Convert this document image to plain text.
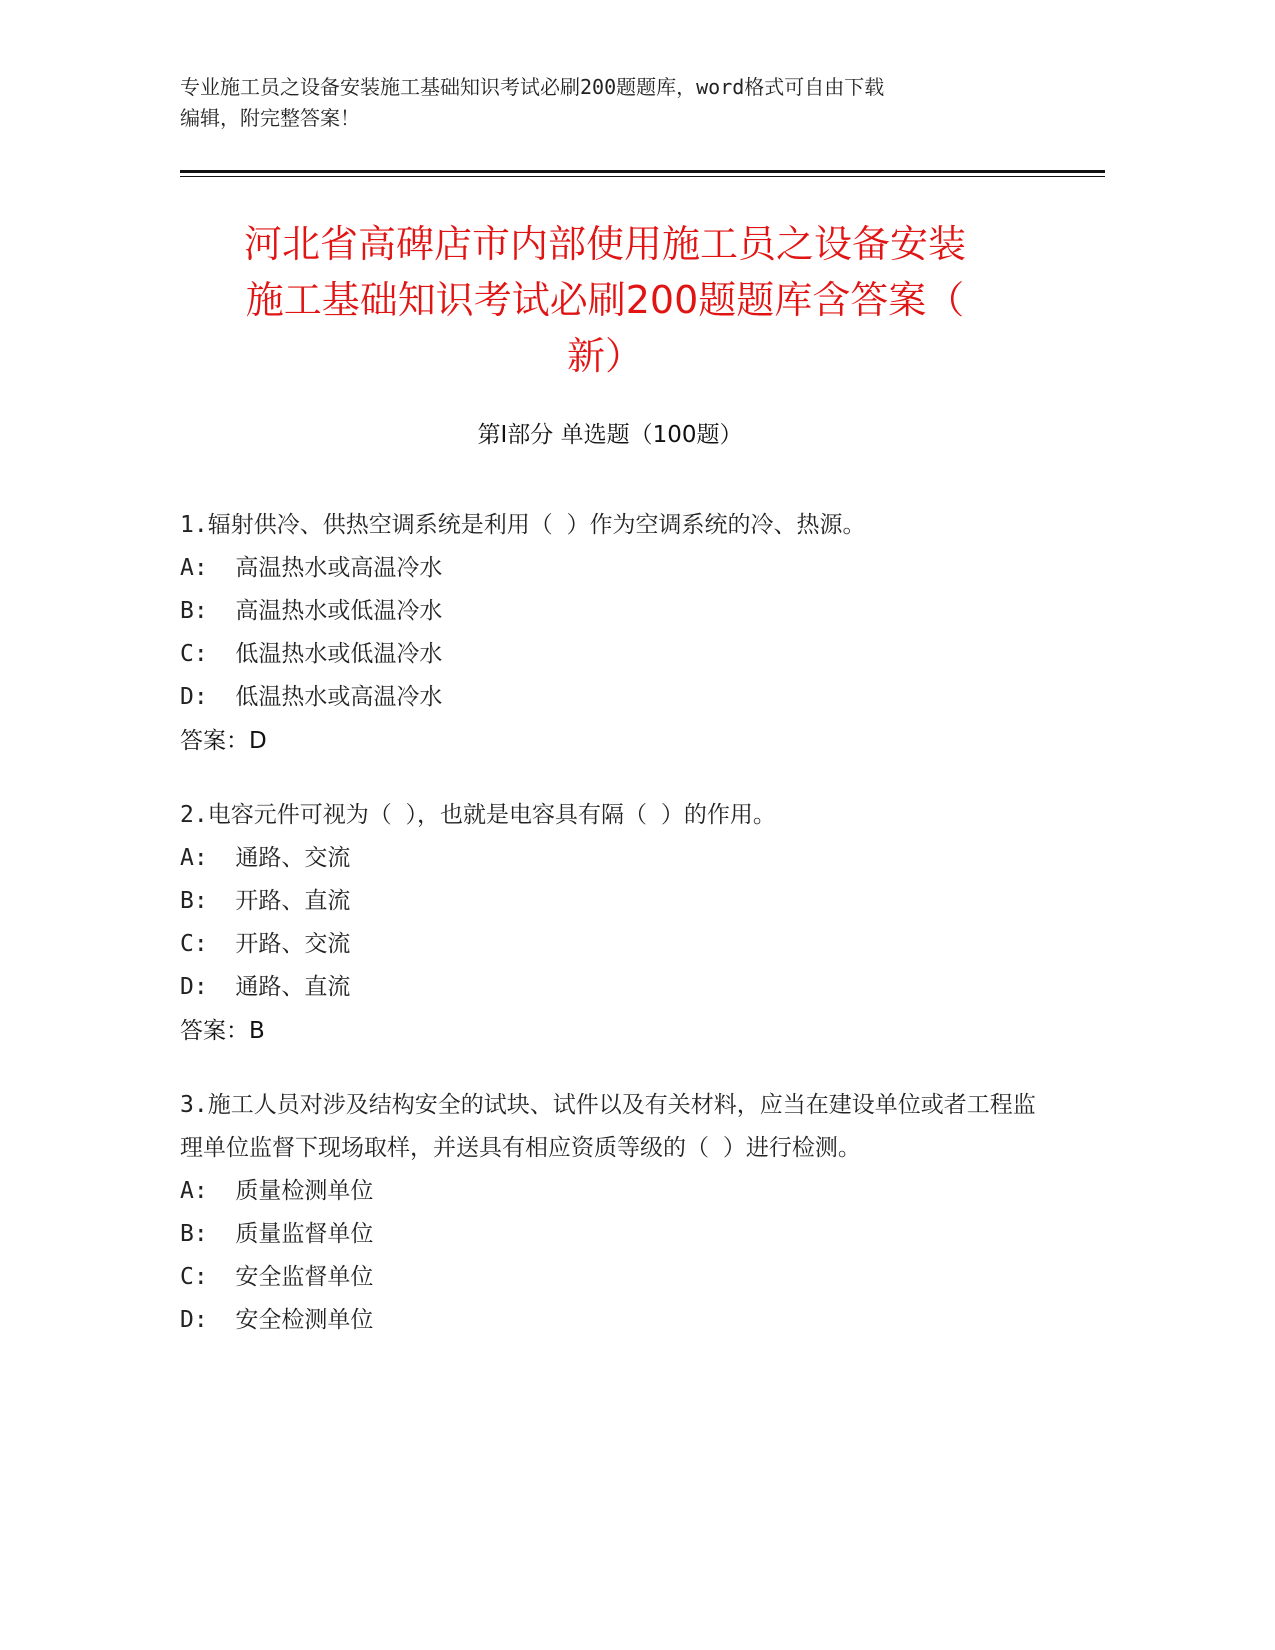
专业施工员之设备安装施工基础知识考试必刷200题题库，word格式可自由下载
编辑，附完整答案！
河北省高碑店市内部使用施工员之设备安装
施工基础知识考试必刷200题题库含答案（
新）
第Ⅰ部分 单选题（100题）

1.辐射供冷、供热空调系统是利用（ ）作为空调系统的冷、热源。

A:  高温热水或高温冷水

B:  高温热水或低温冷水

C:  低温热水或低温冷水

D:  低温热水或高温冷水

答案：D

2.电容元件可视为（ ），也就是电容具有隔（ ）的作用。

A:  通路、交流

B:  开路、直流

C:  开路、交流

D:  通路、直流

答案：B

3.施工人员对涉及结构安全的试块、试件以及有关材料，应当在建设单位或者工程监理单位监督下现场取样，并送具有相应资质等级的（ ）进行检测。

A:  质量检测单位

B:  质量监督单位

C:  安全监督单位

D:  安全检测单位
